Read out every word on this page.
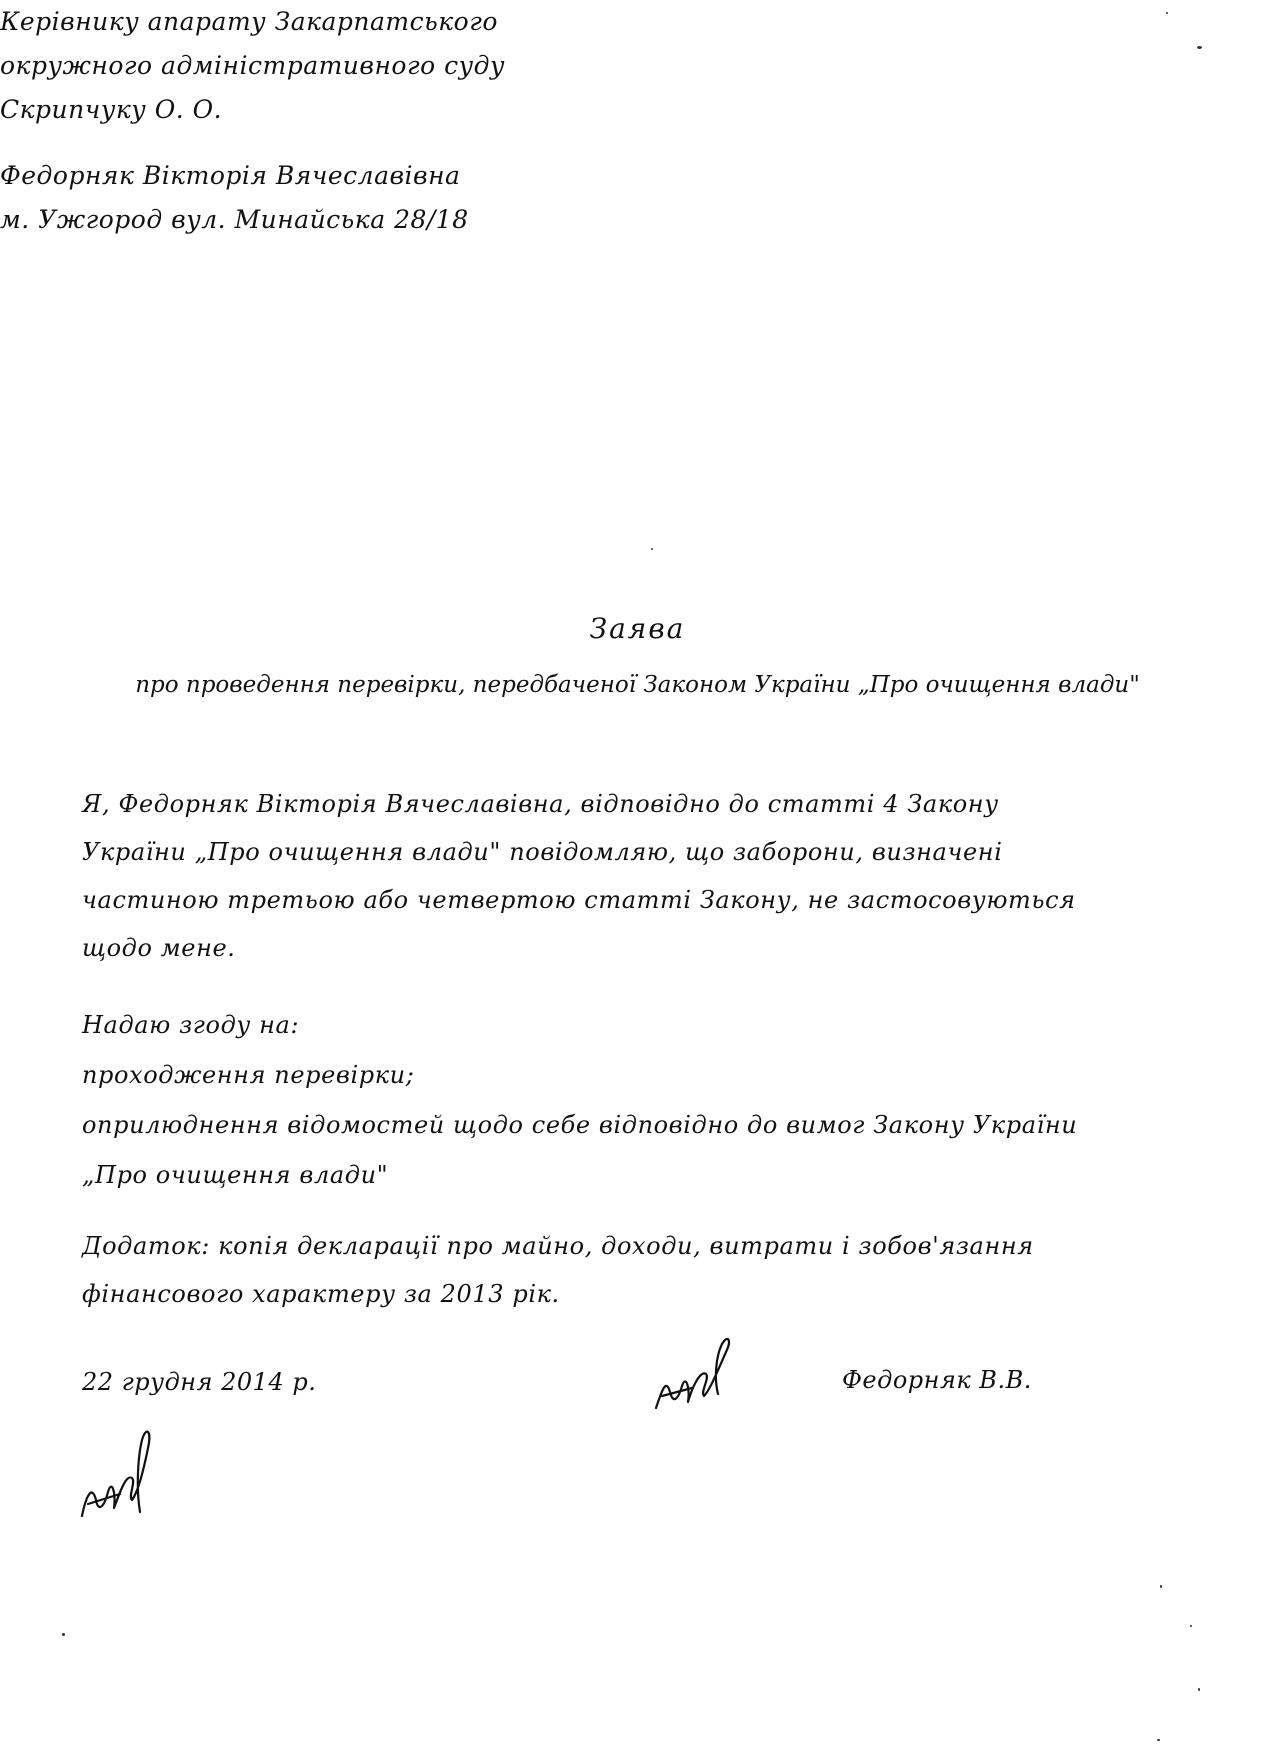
Керівнику апарату Закарпатського
окружного адміністративного суду
Скрипчуку О. О.
Федорняк Вікторія Вячеславівна
м. Ужгород вул. Минайська 28/18
Заява
про проведення перевірки, передбаченої Законом України „Про очищення влади"
Я, Федорняк Вікторія Вячеславівна, відповідно до статті 4 Закону
України „Про очищення влади" повідомляю, що заборони, визначені
частиною третьою або четвертою статті Закону, не застосовуються
щодо мене.
Надаю згоду на:
проходження перевірки;
оприлюднення відомостей щодо себе відповідно до вимог Закону України
„Про очищення влади"
Додаток: копія декларації про майно, доходи, витрати і зобов'язання
фінансового характеру за 2013 рік.
22 грудня 2014 р.	Федорняк В.В.
